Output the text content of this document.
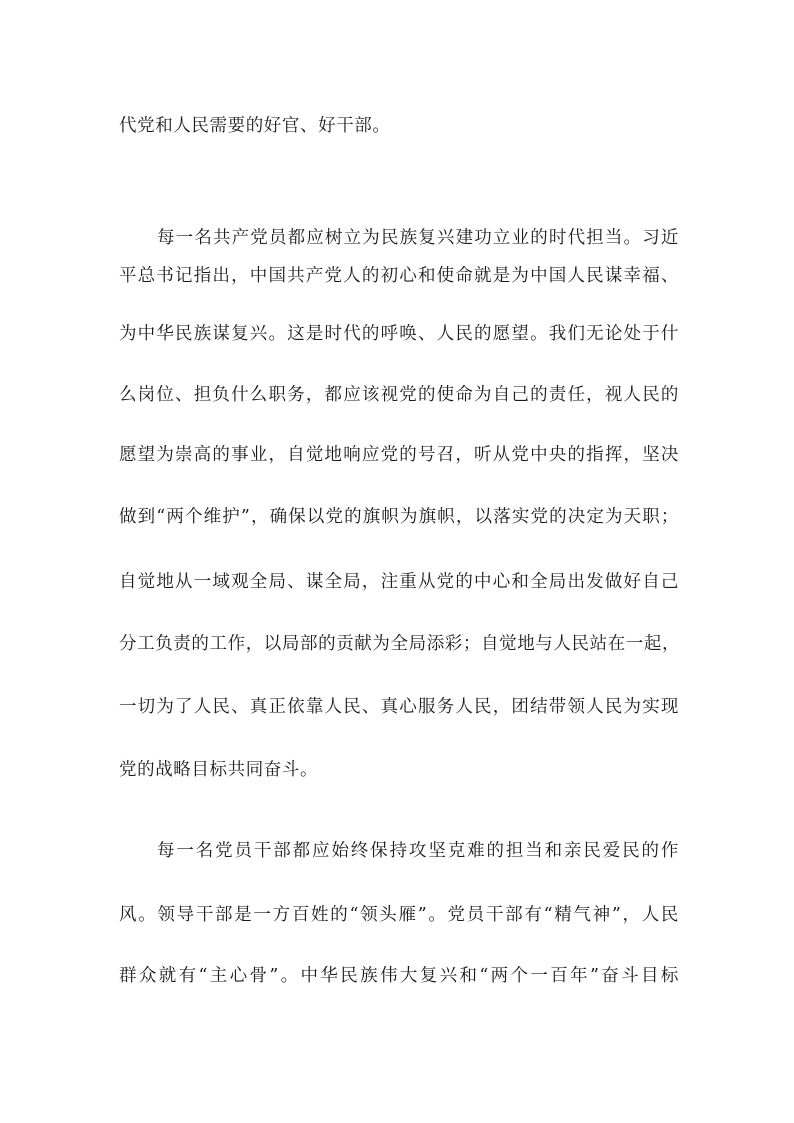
代党和人民需要的好官、好干部。
每一名共产党员都应树立为民族复兴建功立业的时代担当。习近
平总书记指出，中国共产党人的初心和使命就是为中国人民谋幸福、
为中华民族谋复兴。这是时代的呼唤、人民的愿望。我们无论处于什
么岗位、担负什么职务，都应该视党的使命为自己的责任，视人民的
愿望为崇高的事业，自觉地响应党的号召，听从党中央的指挥，坚决
做到“两个维护”，确保以党的旗帜为旗帜，以落实党的决定为天职；
自觉地从一域观全局、谋全局，注重从党的中心和全局出发做好自己
分工负责的工作，以局部的贡献为全局添彩；自觉地与人民站在一起，
一切为了人民、真正依靠人民、真心服务人民，团结带领人民为实现
党的战略目标共同奋斗。
每一名党员干部都应始终保持攻坚克难的担当和亲民爱民的作
风。领导干部是一方百姓的“领头雁”。党员干部有“精气神”，人民
群众就有“主心骨”。中华民族伟大复兴和“两个一百年”奋斗目标
